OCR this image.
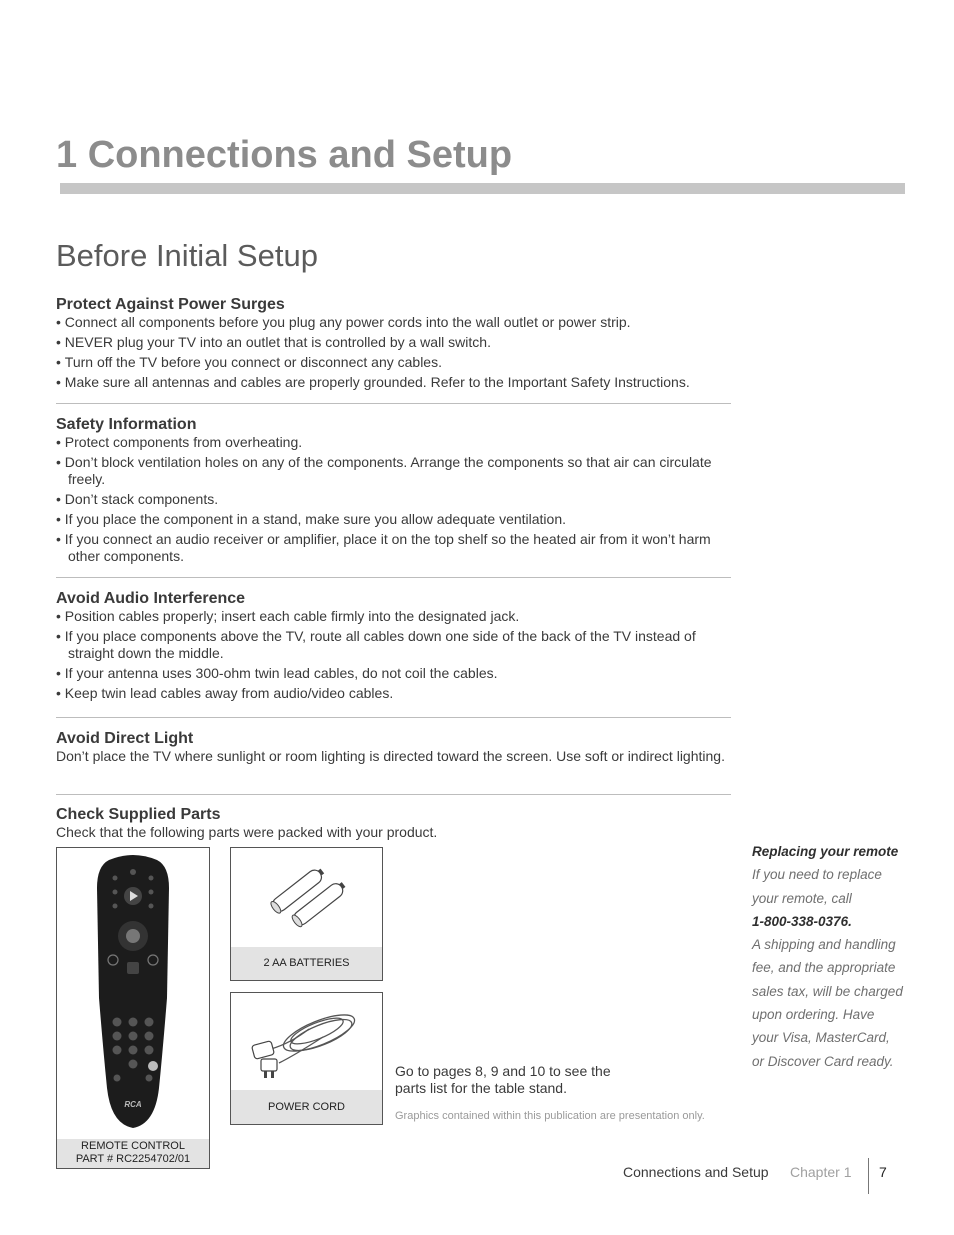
1 Connections and Setup
Before Initial Setup
Protect Against Power Surges
• Connect all components before you plug any power cords into the wall outlet or power strip.
• NEVER plug your TV into an outlet that is controlled by a wall switch.
• Turn off the TV before you connect or disconnect any cables.
• Make sure all antennas and cables are properly grounded. Refer to the Important Safety Instructions.
Safety Information
• Protect components from overheating.
• Don’t block ventilation holes on any of the components. Arrange the components so that air can circulate freely.
• Don’t stack components.
• If you place the component in a stand, make sure you allow adequate ventilation.
• If you connect an audio receiver or amplifier, place it on the top shelf so the heated air from it won’t harm other components.
Avoid Audio Interference
• Position cables properly; insert each cable firmly into the designated jack.
• If you place components above the TV, route all cables down one side of the back of the TV instead of straight down the middle.
• If your antenna uses 300-ohm twin lead cables, do not coil the cables.
• Keep twin lead cables away from audio/video cables.
Avoid Direct Light

Don’t place the TV where sunlight or room lighting is directed toward the screen. Use soft or indirect lighting.

Check Supplied Parts

Check that the following parts were packed with your product.

RCA
REMOTE CONTROL
PART # RC2254702/01
2 AA BATTERIES
POWER CORD
Go to pages 8, 9 and 10 to see the parts list for the table stand.
Graphics contained within this publication are presentation only.
Replacing your remote
If you need to replace
your remote, call
1-800-338-0376.
A shipping and handling
fee, and the appropriate
sales tax, will be charged
upon ordering. Have
your Visa, MasterCard,
or Discover Card ready.
Connections and Setup Chapter 1 7
